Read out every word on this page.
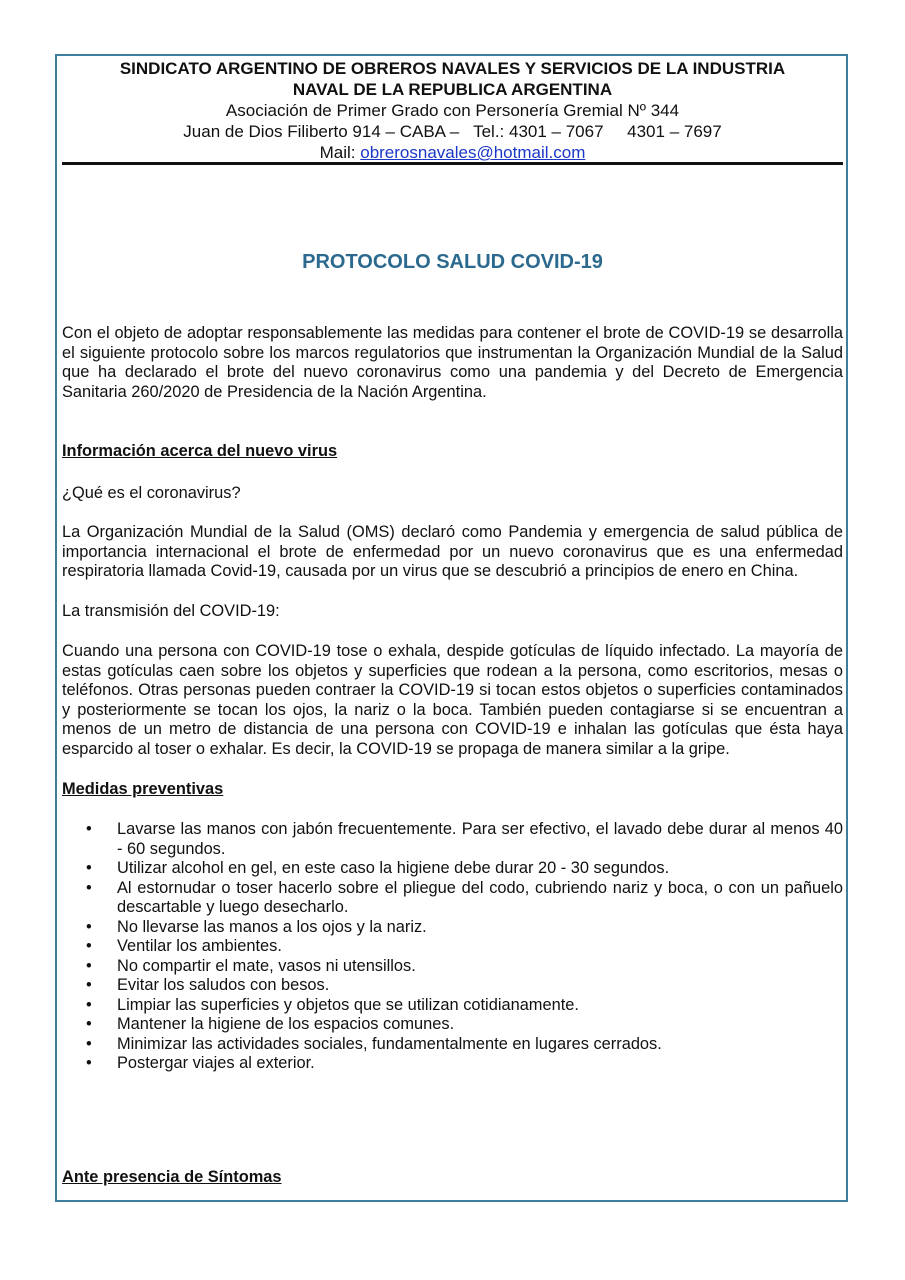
SINDICATO ARGENTINO DE OBREROS NAVALES Y SERVICIOS DE LA INDUSTRIA

NAVAL DE LA REPUBLICA ARGENTINA

Asociación de Primer Grado con Personería Gremial Nº 344

Juan de Dios Filiberto 914 – CABA –   Tel.: 4301 – 7067     4301 – 7697

Mail: obrerosnavales@hotmail.com

PROTOCOLO SALUD COVID-19

Con el objeto de adoptar responsablemente las medidas para contener el brote de COVID-19 se desarrolla el siguiente protocolo sobre los marcos regulatorios que instrumentan la Organización Mundial de la Salud que ha declarado el brote del nuevo coronavirus como una pandemia y del Decreto de Emergencia Sanitaria 260/2020 de Presidencia de la Nación Argentina.

Información acerca del nuevo virus

¿Qué es el coronavirus?

La Organización Mundial de la Salud (OMS) declaró como Pandemia y emergencia de salud pública de importancia internacional el brote de enfermedad por un nuevo coronavirus que es una enfermedad respiratoria llamada Covid-19, causada por un virus que se descubrió a principios de enero en China.

La transmisión del COVID-19:

Cuando una persona con COVID-19 tose o exhala, despide gotículas de líquido infectado. La mayoría de estas gotículas caen sobre los objetos y superficies que rodean a la persona, como escritorios, mesas o teléfonos. Otras personas pueden contraer la COVID-19 si tocan estos objetos o superficies contaminados y posteriormente se tocan los ojos, la nariz o la boca. También pueden contagiarse si se encuentran a menos de un metro de distancia de una persona con COVID-19 e inhalan las gotículas que ésta haya esparcido al toser o exhalar. Es decir, la COVID-19 se propaga de manera similar a la gripe.

Medidas preventivas

• Lavarse las manos con jabón frecuentemente. Para ser efectivo, el lavado debe durar al menos 40 - 60 segundos.
• Utilizar alcohol en gel, en este caso la higiene debe durar 20 - 30 segundos.
• Al estornudar o toser hacerlo sobre el pliegue del codo, cubriendo nariz y boca, o con un pañuelo descartable y luego desecharlo.
• No llevarse las manos a los ojos y la nariz.
• Ventilar los ambientes.
• No compartir el mate, vasos ni utensillos.
• Evitar los saludos con besos.
• Limpiar las superficies y objetos que se utilizan cotidianamente.
• Mantener la higiene de los espacios comunes.
• Minimizar las actividades sociales, fundamentalmente en lugares cerrados.
• Postergar viajes al exterior.

Ante presencia de Síntomas
